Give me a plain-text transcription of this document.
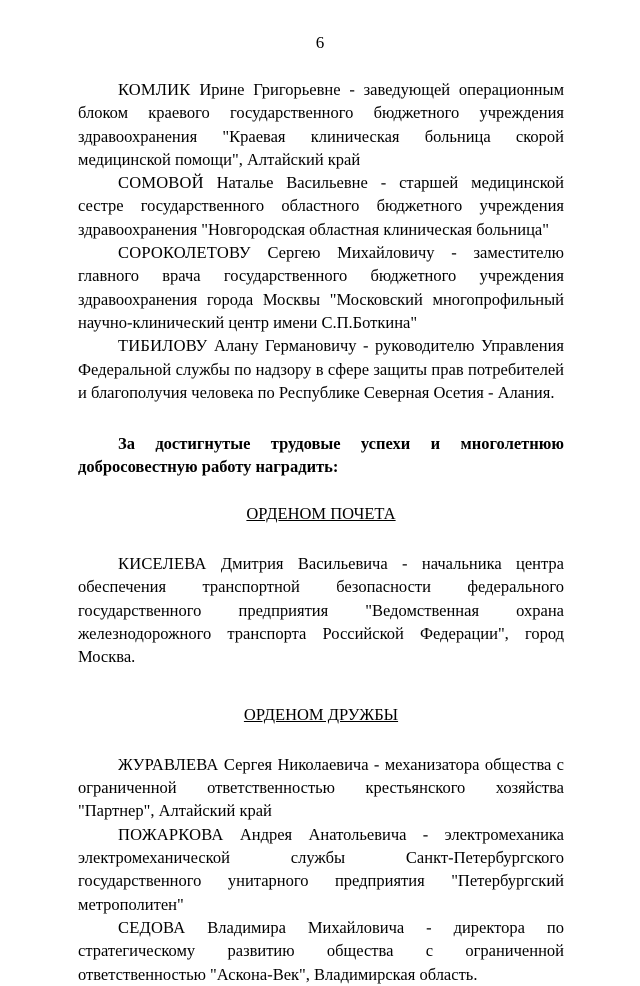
6

КОМЛИК Ирине Григорьевне - заведующей операционным блоком краевого государственного бюджетного учреждения здравоохранения "Краевая клиническая больница скорой медицинской помощи", Алтайский край

СОМОВОЙ Наталье Васильевне - старшей медицинской сестре государственного областного бюджетного учреждения здравоохранения "Новгородская областная клиническая больница"

СОРОКОЛЕТОВУ Сергею Михайловичу - заместителю главного врача государственного бюджетного учреждения здравоохранения города Москвы "Московский многопрофильный научно-клинический центр имени С.П.Боткина"

ТИБИЛОВУ Алану Германовичу - руководителю Управления Федеральной службы по надзору в сфере защиты прав потребителей и благополучия человека по Республике Северная Осетия - Алания.

За достигнутые трудовые успехи и многолетнюю добросовестную работу наградить:

ОРДЕНОМ ПОЧЕТА

КИСЕЛЕВА Дмитрия Васильевича - начальника центра обеспечения транспортной безопасности федерального государственного предприятия "Ведомственная охрана железнодорожного транспорта Российской Федерации", город Москва.

ОРДЕНОМ ДРУЖБЫ

ЖУРАВЛЕВА Сергея Николаевича - механизатора общества с ограниченной ответственностью крестьянского хозяйства "Партнер", Алтайский край

ПОЖАРКОВА Андрея Анатольевича - электромеханика электромеханической службы Санкт-Петербургского государственного унитарного предприятия "Петербургский метрополитен"

СЕДОВА Владимира Михайловича - директора по стратегическому развитию общества с ограниченной ответственностью "Аскона-Век", Владимирская область.
